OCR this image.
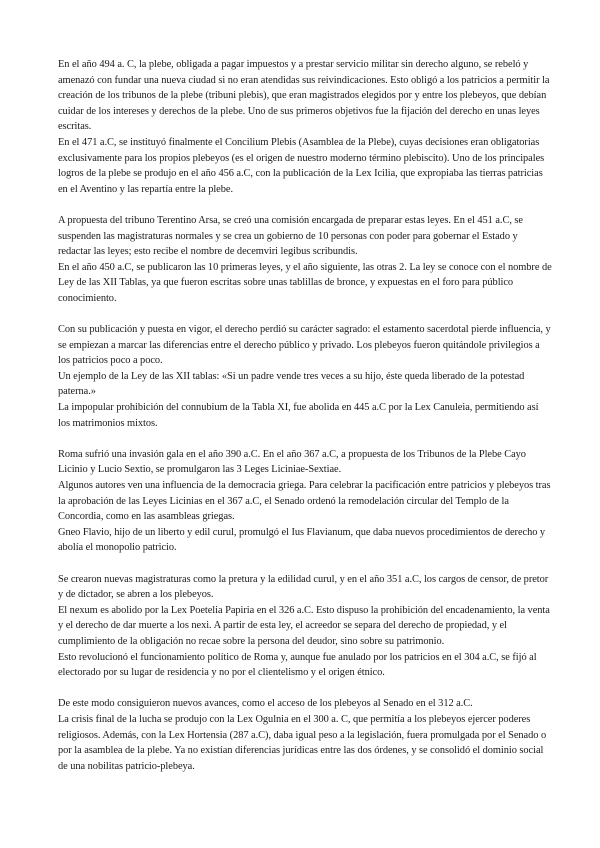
En el año 494 a. C, la plebe, obligada a pagar impuestos y a prestar servicio militar sin derecho alguno, se rebeló y amenazó con fundar una nueva ciudad si no eran atendidas sus reivindicaciones. Esto obligó a los patricios a permitir la creación de los tribunos de la plebe (tribuni plebis), que eran magistrados elegidos por y entre los plebeyos, que debían cuidar de los intereses y derechos de la plebe. Uno de sus primeros objetivos fue la fijación del derecho en unas leyes escritas.

En el 471 a.C, se instituyó finalmente el Concilium Plebis (Asamblea de la Plebe), cuyas decisiones eran obligatorias exclusivamente para los propios plebeyos (es el origen de nuestro moderno término plebiscito). Uno de los principales logros de la plebe se produjo en el año 456 a.C, con la publicación de la Lex Icilia, que expropiaba las tierras patricias en el Aventino y las repartía entre la plebe.

A propuesta del tribuno Terentino Arsa, se creó una comisión encargada de preparar estas leyes. En el 451 a.C, se suspenden las magistraturas normales y se crea un gobierno de 10 personas con poder para gobernar el Estado y redactar las leyes; esto recibe el nombre de decemviri legibus scribundis.

En el año 450 a.C, se publicaron las 10 primeras leyes, y el año siguiente, las otras 2. La ley se conoce con el nombre de Ley de las XII Tablas, ya que fueron escritas sobre unas tablillas de bronce, y expuestas en el foro para público conocimiento.

Con su publicación y puesta en vigor, el derecho perdió su carácter sagrado: el estamento sacerdotal pierde influencia, y se empiezan a marcar las diferencias entre el derecho público y privado. Los plebeyos fueron quitándole privilegios a los patricios poco a poco.

Un ejemplo de la Ley de las XII tablas: «Si un padre vende tres veces a su hijo, éste queda liberado de la potestad paterna.»

La impopular prohibición del connubium de la Tabla XI, fue abolida en 445 a.C por la Lex Canuleia, permitiendo así los matrimonios mixtos.

Roma sufrió una invasión gala en el año 390 a.C. En el año 367 a.C, a propuesta de los Tribunos de la Plebe Cayo Licinio y Lucio Sextio, se promulgaron las 3 Leges Liciniae-Sextiae.

Algunos autores ven una influencia de la democracia griega. Para celebrar la pacificación entre patricios y plebeyos tras la aprobación de las Leyes Licinias en el 367 a.C, el Senado ordenó la remodelación circular del Templo de la Concordia, como en las asambleas griegas.

Gneo Flavio, hijo de un liberto y edil curul, promulgó el Ius Flavianum, que daba nuevos procedimientos de derecho y abolía el monopolio patricio.

Se crearon nuevas magistraturas como la pretura y la edilidad curul, y en el año 351 a.C, los cargos de censor, de pretor y de dictador, se abren a los plebeyos.

El nexum es abolido por la Lex Poetelia Papiria en el 326 a.C. Esto dispuso la prohibición del encadenamiento, la venta y el derecho de dar muerte a los nexi. A partir de esta ley, el acreedor se separa del derecho de propiedad, y el cumplimiento de la obligación no recae sobre la persona del deudor, sino sobre su patrimonio.

Esto revolucionó el funcionamiento político de Roma y, aunque fue anulado por los patricios en el 304 a.C, se fijó al electorado por su lugar de residencia y no por el clientelismo y el origen étnico.

De este modo consiguieron nuevos avances, como el acceso de los plebeyos al Senado en el 312 a.C.

La crisis final de la lucha se produjo con la Lex Ogulnia en el 300 a. C, que permitía a los plebeyos ejercer poderes religiosos. Además, con la Lex Hortensia (287 a.C), daba igual peso a la legislación, fuera promulgada por el Senado o por la asamblea de la plebe. Ya no existían diferencias jurídicas entre las dos órdenes, y se consolidó el dominio social de una nobilitas patricio-plebeya.
